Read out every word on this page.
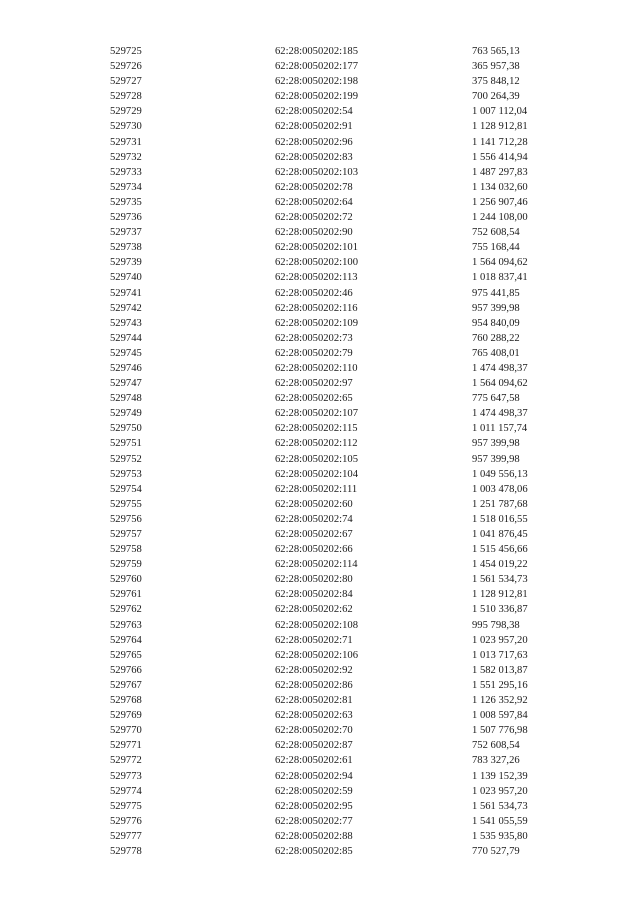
529725	62:28:0050202:185	763 565,13
529726	62:28:0050202:177	365 957,38
529727	62:28:0050202:198	375 848,12
529728	62:28:0050202:199	700 264,39
529729	62:28:0050202:54	1 007 112,04
529730	62:28:0050202:91	1 128 912,81
529731	62:28:0050202:96	1 141 712,28
529732	62:28:0050202:83	1 556 414,94
529733	62:28:0050202:103	1 487 297,83
529734	62:28:0050202:78	1 134 032,60
529735	62:28:0050202:64	1 256 907,46
529736	62:28:0050202:72	1 244 108,00
529737	62:28:0050202:90	752 608,54
529738	62:28:0050202:101	755 168,44
529739	62:28:0050202:100	1 564 094,62
529740	62:28:0050202:113	1 018 837,41
529741	62:28:0050202:46	975 441,85
529742	62:28:0050202:116	957 399,98
529743	62:28:0050202:109	954 840,09
529744	62:28:0050202:73	760 288,22
529745	62:28:0050202:79	765 408,01
529746	62:28:0050202:110	1 474 498,37
529747	62:28:0050202:97	1 564 094,62
529748	62:28:0050202:65	775 647,58
529749	62:28:0050202:107	1 474 498,37
529750	62:28:0050202:115	1 011 157,74
529751	62:28:0050202:112	957 399,98
529752	62:28:0050202:105	957 399,98
529753	62:28:0050202:104	1 049 556,13
529754	62:28:0050202:111	1 003 478,06
529755	62:28:0050202:60	1 251 787,68
529756	62:28:0050202:74	1 518 016,55
529757	62:28:0050202:67	1 041 876,45
529758	62:28:0050202:66	1 515 456,66
529759	62:28:0050202:114	1 454 019,22
529760	62:28:0050202:80	1 561 534,73
529761	62:28:0050202:84	1 128 912,81
529762	62:28:0050202:62	1 510 336,87
529763	62:28:0050202:108	995 798,38
529764	62:28:0050202:71	1 023 957,20
529765	62:28:0050202:106	1 013 717,63
529766	62:28:0050202:92	1 582 013,87
529767	62:28:0050202:86	1 551 295,16
529768	62:28:0050202:81	1 126 352,92
529769	62:28:0050202:63	1 008 597,84
529770	62:28:0050202:70	1 507 776,98
529771	62:28:0050202:87	752 608,54
529772	62:28:0050202:61	783 327,26
529773	62:28:0050202:94	1 139 152,39
529774	62:28:0050202:59	1 023 957,20
529775	62:28:0050202:95	1 561 534,73
529776	62:28:0050202:77	1 541 055,59
529777	62:28:0050202:88	1 535 935,80
529778	62:28:0050202:85	770 527,79
